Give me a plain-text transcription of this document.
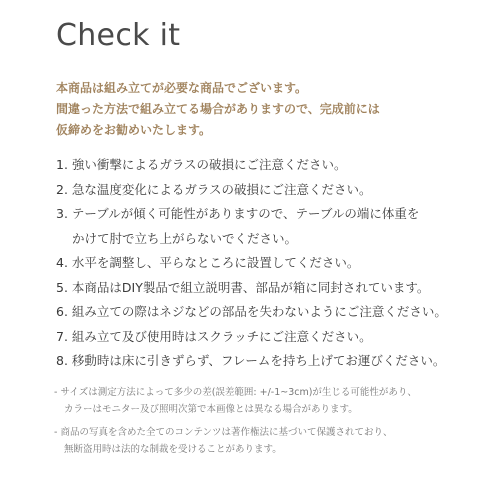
Check it
本商品は組み立てが必要な商品でございます。
間違った方法で組み立てる場合がありますので、完成前には
仮締めをお勧めいたします。
1. 強い衝撃によるガラスの破損にご注意ください。
2. 急な温度変化によるガラスの破損にご注意ください。
3. テーブルが傾く可能性がありますので、テーブルの端に体重を
かけて肘で立ち上がらないでください。
4. 水平を調整し、平らなところに設置してください。
5. 本商品はDIY製品で組立説明書、部品が箱に同封されています。
6. 組み立ての際はネジなどの部品を失わないようにご注意ください。
7. 組み立て及び使用時はスクラッチにご注意ください。
8. 移動時は床に引きずらず、フレームを持ち上げてお運びください。
- サイズは測定方法によって多少の差(誤差範囲: +/-1~3cm)が生じる可能性があり、
カラーはモニター及び照明次第で本画像とは異なる場合があります。
- 商品の写真を含めた全てのコンテンツは著作権法に基づいて保護されており、
無断盗用時は法的な制裁を受けることがあります。
